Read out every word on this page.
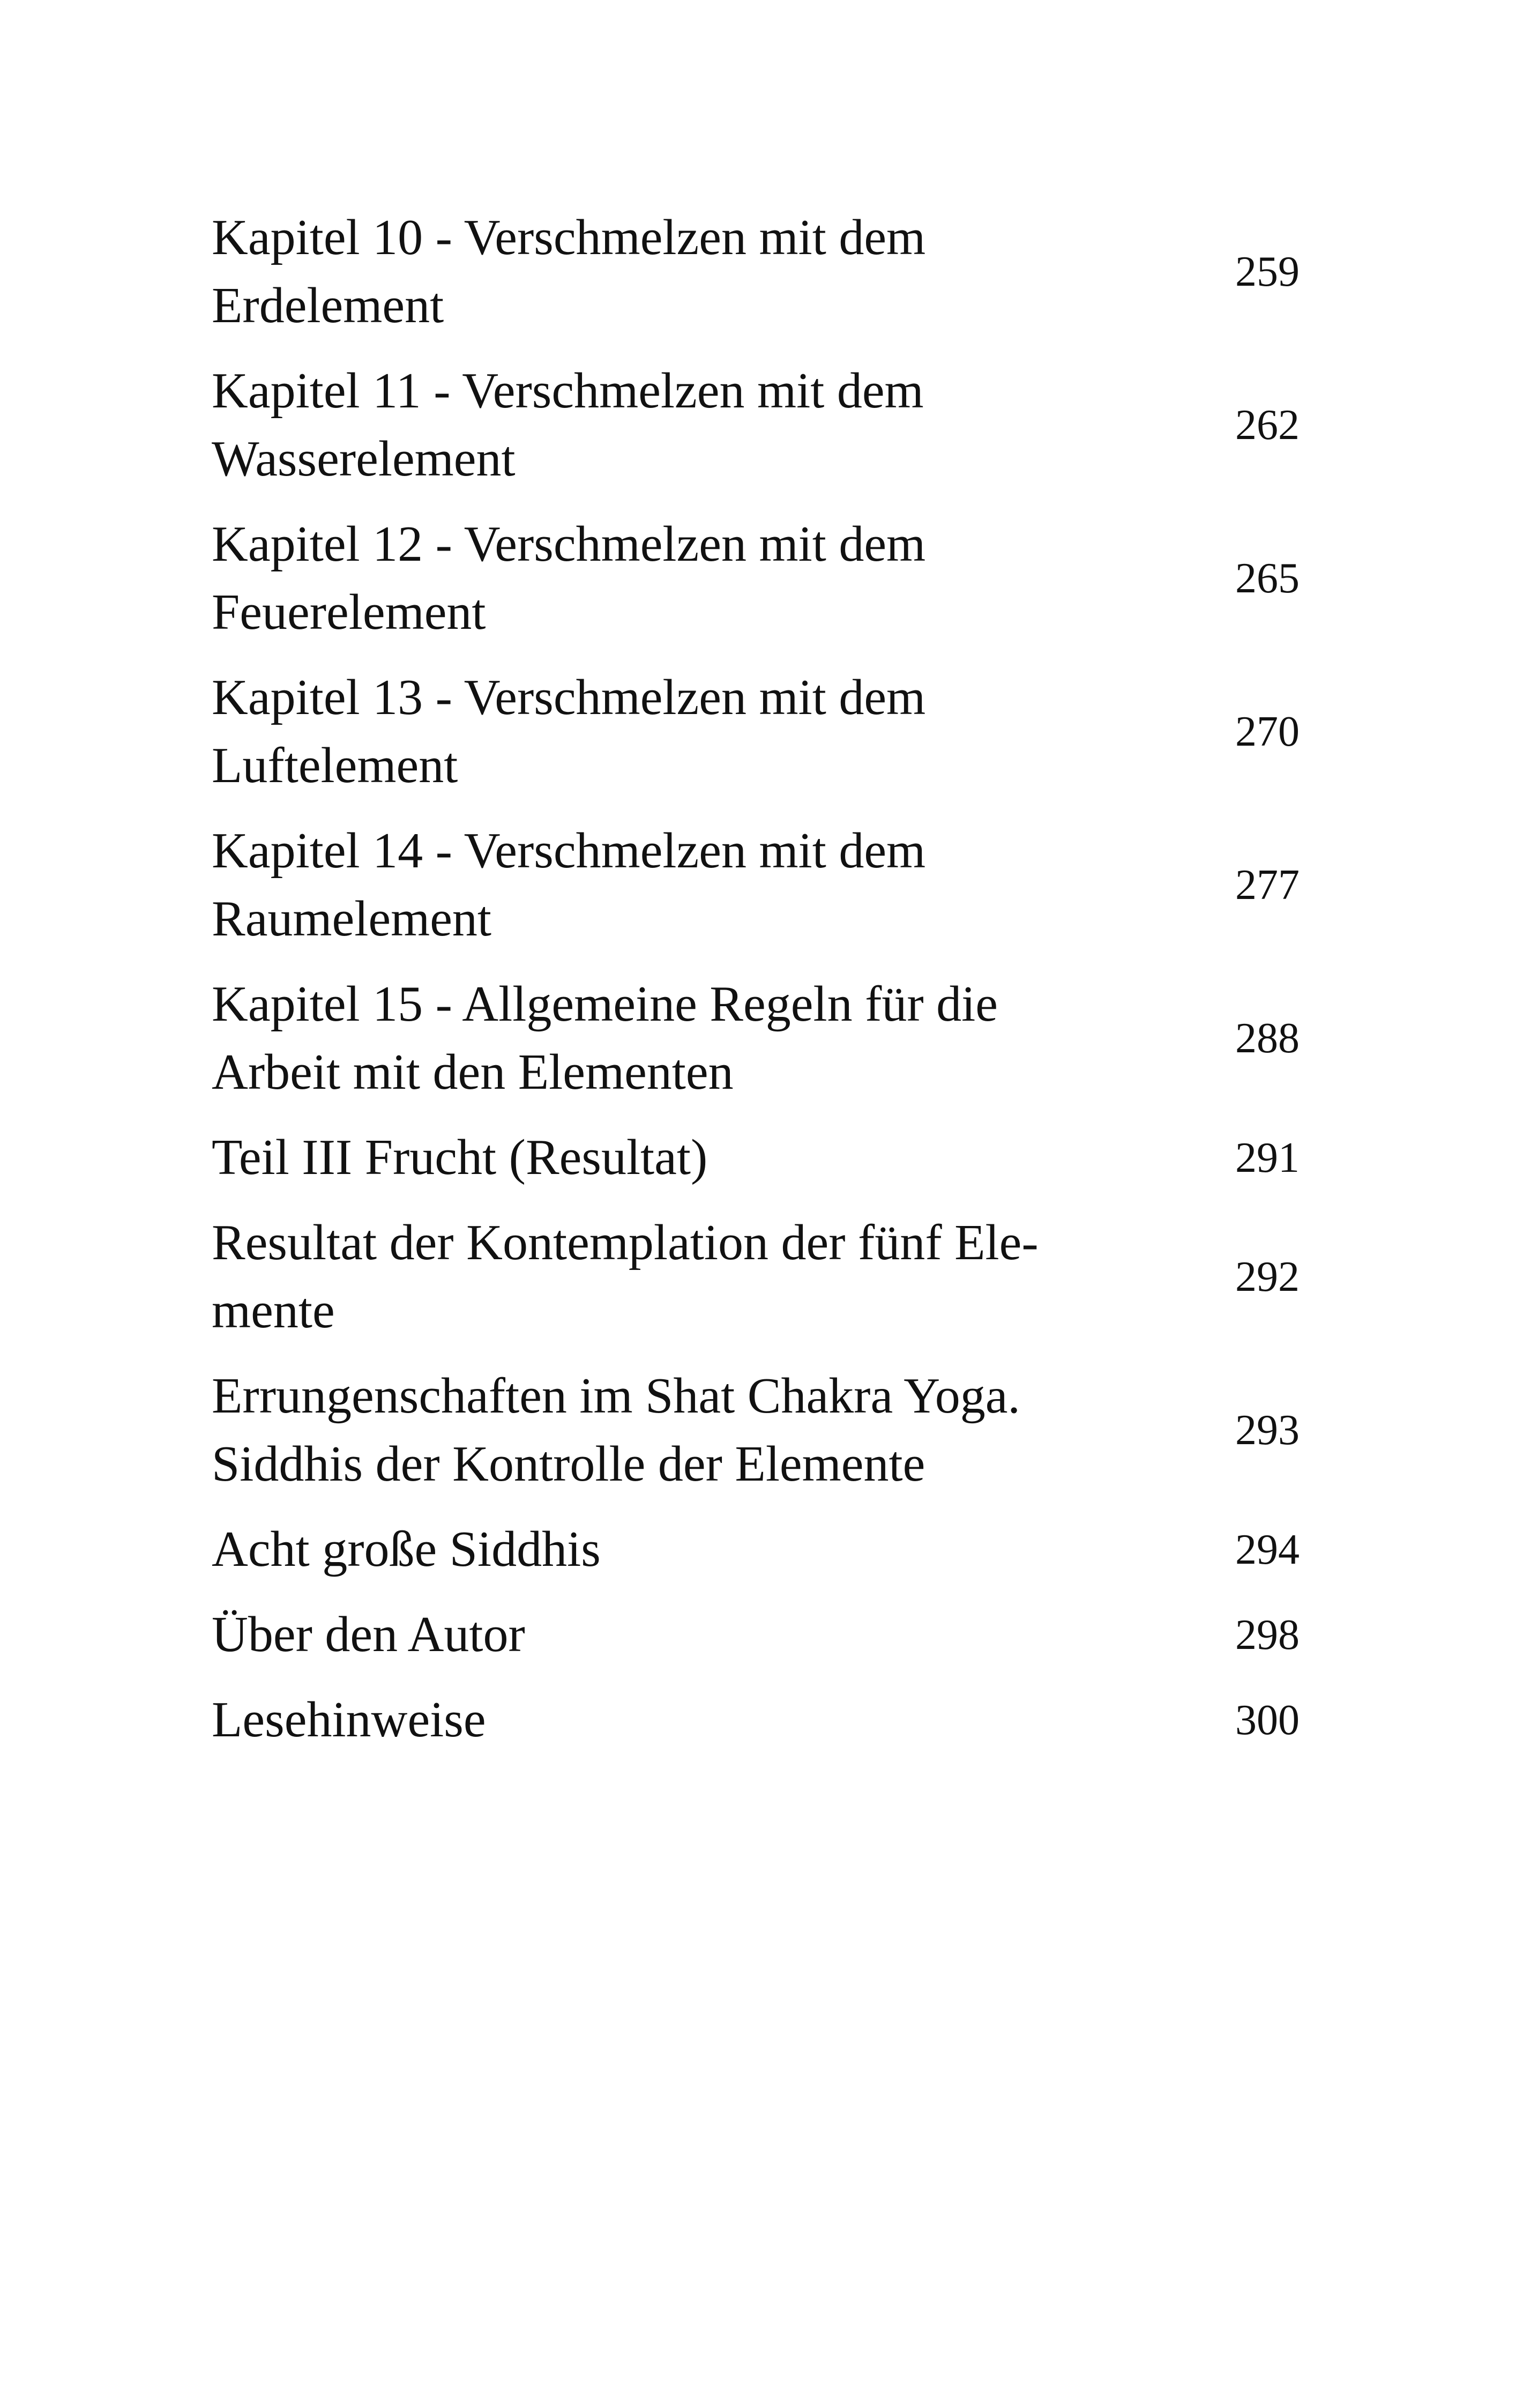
Kapitel 10 - Verschmelzen mit dem
Erdelement
259
Kapitel 11 - Verschmelzen mit dem
Wasserelement
262
Kapitel 12 - Verschmelzen mit dem
Feuerelement
265
Kapitel 13 - Verschmelzen mit dem
Luftelement
270
Kapitel 14 - Verschmelzen mit dem
Raumelement
277
Kapitel 15 - Allgemeine Regeln für die
Arbeit mit den Elementen
288
Teil III Frucht (Resultat)	291
Resultat der Kontemplation der fünf Ele-
mente
292
Errungenschaften im Shat Chakra Yoga.
Siddhis der Kontrolle der Elemente
293
Acht große Siddhis	294
Über den Autor	298
Lesehinweise	300
